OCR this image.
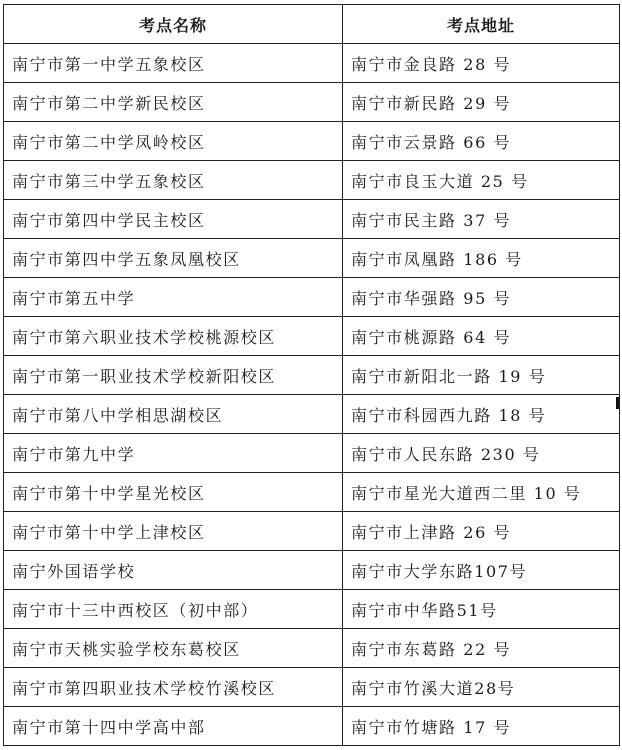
考点名称	考点地址
南宁市第一中学五象校区	南宁市金良路 28 号
南宁市第二中学新民校区	南宁市新民路 29 号
南宁市第二中学凤岭校区	南宁市云景路 66 号
南宁市第三中学五象校区	南宁市良玉大道 25 号
南宁市第四中学民主校区	南宁市民主路 37 号
南宁市第四中学五象凤凰校区	南宁市凤凰路 186 号
南宁市第五中学	南宁市华强路 95 号
南宁市第六职业技术学校桃源校区	南宁市桃源路 64 号
南宁市第一职业技术学校新阳校区	南宁市新阳北一路 19 号
南宁市第八中学相思湖校区	南宁市科园西九路 18 号
南宁市第九中学	南宁市人民东路 230 号
南宁市第十中学星光校区	南宁市星光大道西二里 10 号
南宁市第十中学上津校区	南宁市上津路 26 号
南宁外国语学校	南宁市大学东路107号
南宁市十三中西校区（初中部）	南宁市中华路51号
南宁市天桃实验学校东葛校区	南宁市东葛路 22 号
南宁市第四职业技术学校竹溪校区	南宁市竹溪大道28号
南宁市第十四中学高中部	南宁市竹塘路 17 号
